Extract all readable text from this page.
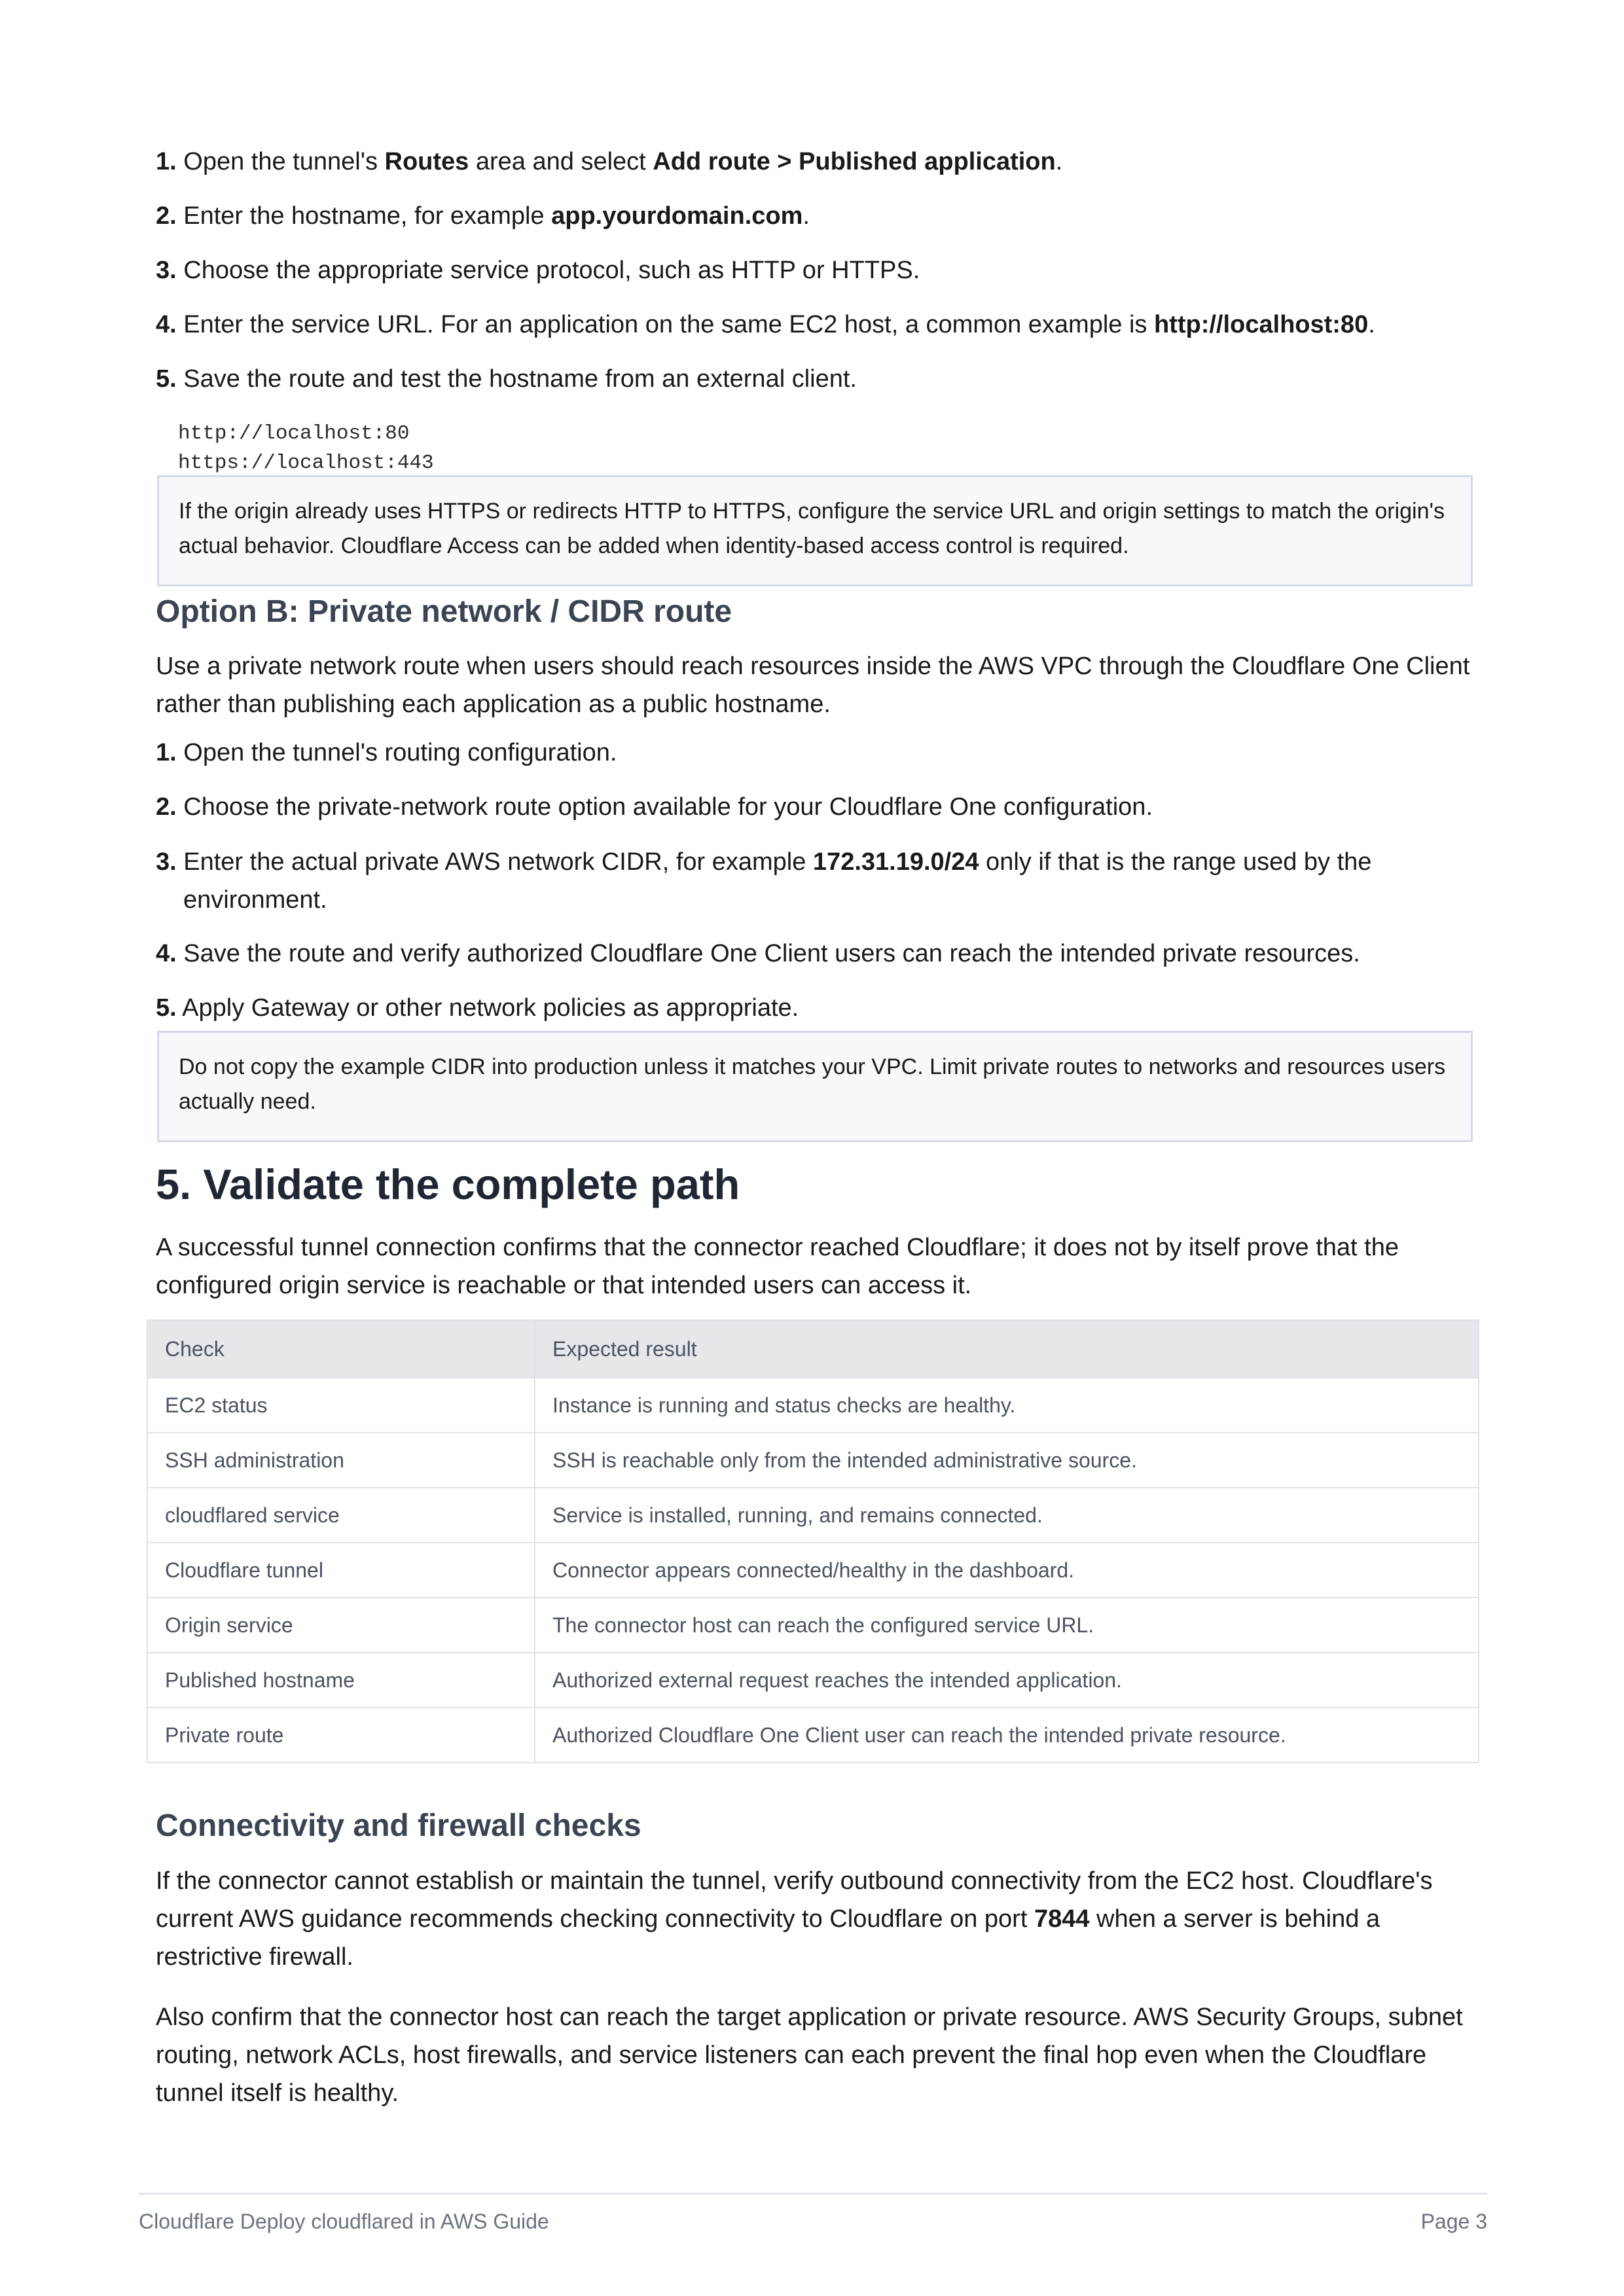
1. Open the tunnel's Routes area and select Add route > Published application.
2. Enter the hostname, for example app.yourdomain.com.
3. Choose the appropriate service protocol, such as HTTP or HTTPS.
4. Enter the service URL. For an application on the same EC2 host, a common example is http://localhost:80.
5. Save the route and test the hostname from an external client.
http://localhost:80
https://localhost:443
If the origin already uses HTTPS or redirects HTTP to HTTPS, configure the service URL and origin settings to match the origin's actual behavior. Cloudflare Access can be added when identity-based access control is required.
Option B: Private network / CIDR route
Use a private network route when users should reach resources inside the AWS VPC through the Cloudflare One Client rather than publishing each application as a public hostname.
1. Open the tunnel's routing configuration.
2. Choose the private-network route option available for your Cloudflare One configuration.
3. Enter the actual private AWS network CIDR, for example 172.31.19.0/24 only if that is the range used by the
environment.
4. Save the route and verify authorized Cloudflare One Client users can reach the intended private resources.
5. Apply Gateway or other network policies as appropriate.
Do not copy the example CIDR into production unless it matches your VPC. Limit private routes to networks and resources users actually need.
5. Validate the complete path
A successful tunnel connection confirms that the connector reached Cloudflare; it does not by itself prove that the configured origin service is reachable or that intended users can access it.
Check	Expected result
EC2 status	Instance is running and status checks are healthy.
SSH administration	SSH is reachable only from the intended administrative source.
cloudflared service	Service is installed, running, and remains connected.
Cloudflare tunnel	Connector appears connected/healthy in the dashboard.
Origin service	The connector host can reach the configured service URL.
Published hostname	Authorized external request reaches the intended application.
Private route	Authorized Cloudflare One Client user can reach the intended private resource.
Connectivity and firewall checks
If the connector cannot establish or maintain the tunnel, verify outbound connectivity from the EC2 host. Cloudflare's current AWS guidance recommends checking connectivity to Cloudflare on port 7844 when a server is behind a restrictive firewall.
Also confirm that the connector host can reach the target application or private resource. AWS Security Groups, subnet routing, network ACLs, host firewalls, and service listeners can each prevent the final hop even when the Cloudflare tunnel itself is healthy.
Cloudflare Deploy cloudflared in AWS Guide	Page 3
